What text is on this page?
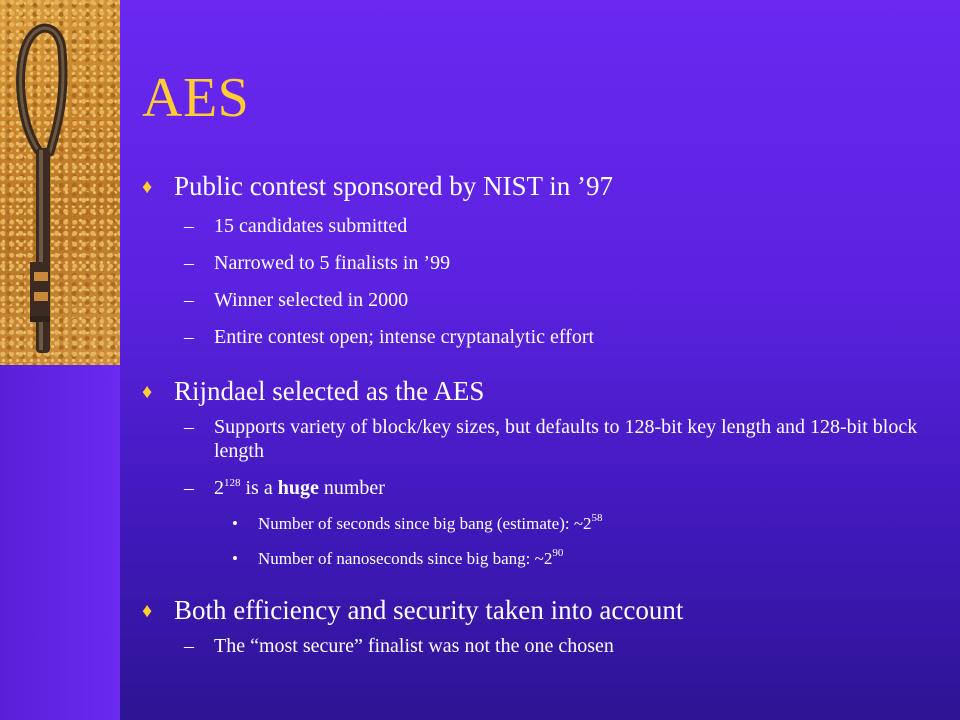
AES
♦ Public contest sponsored by NIST in ’97
– 15 candidates submitted
– Narrowed to 5 finalists in ’99
– Winner selected in 2000
– Entire contest open; intense cryptanalytic effort
♦ Rijndael selected as the AES
– Supports variety of block/key sizes, but defaults to 128-bit key length and 128-bit block length
– $2^{128}$ is a huge number
• Number of seconds since big bang (estimate): $\sim 2^{58}$
• Number of nanoseconds since big bang: $\sim 2^{90}$
♦ Both efficiency and security taken into account
– The “most secure” finalist was not the one chosen
